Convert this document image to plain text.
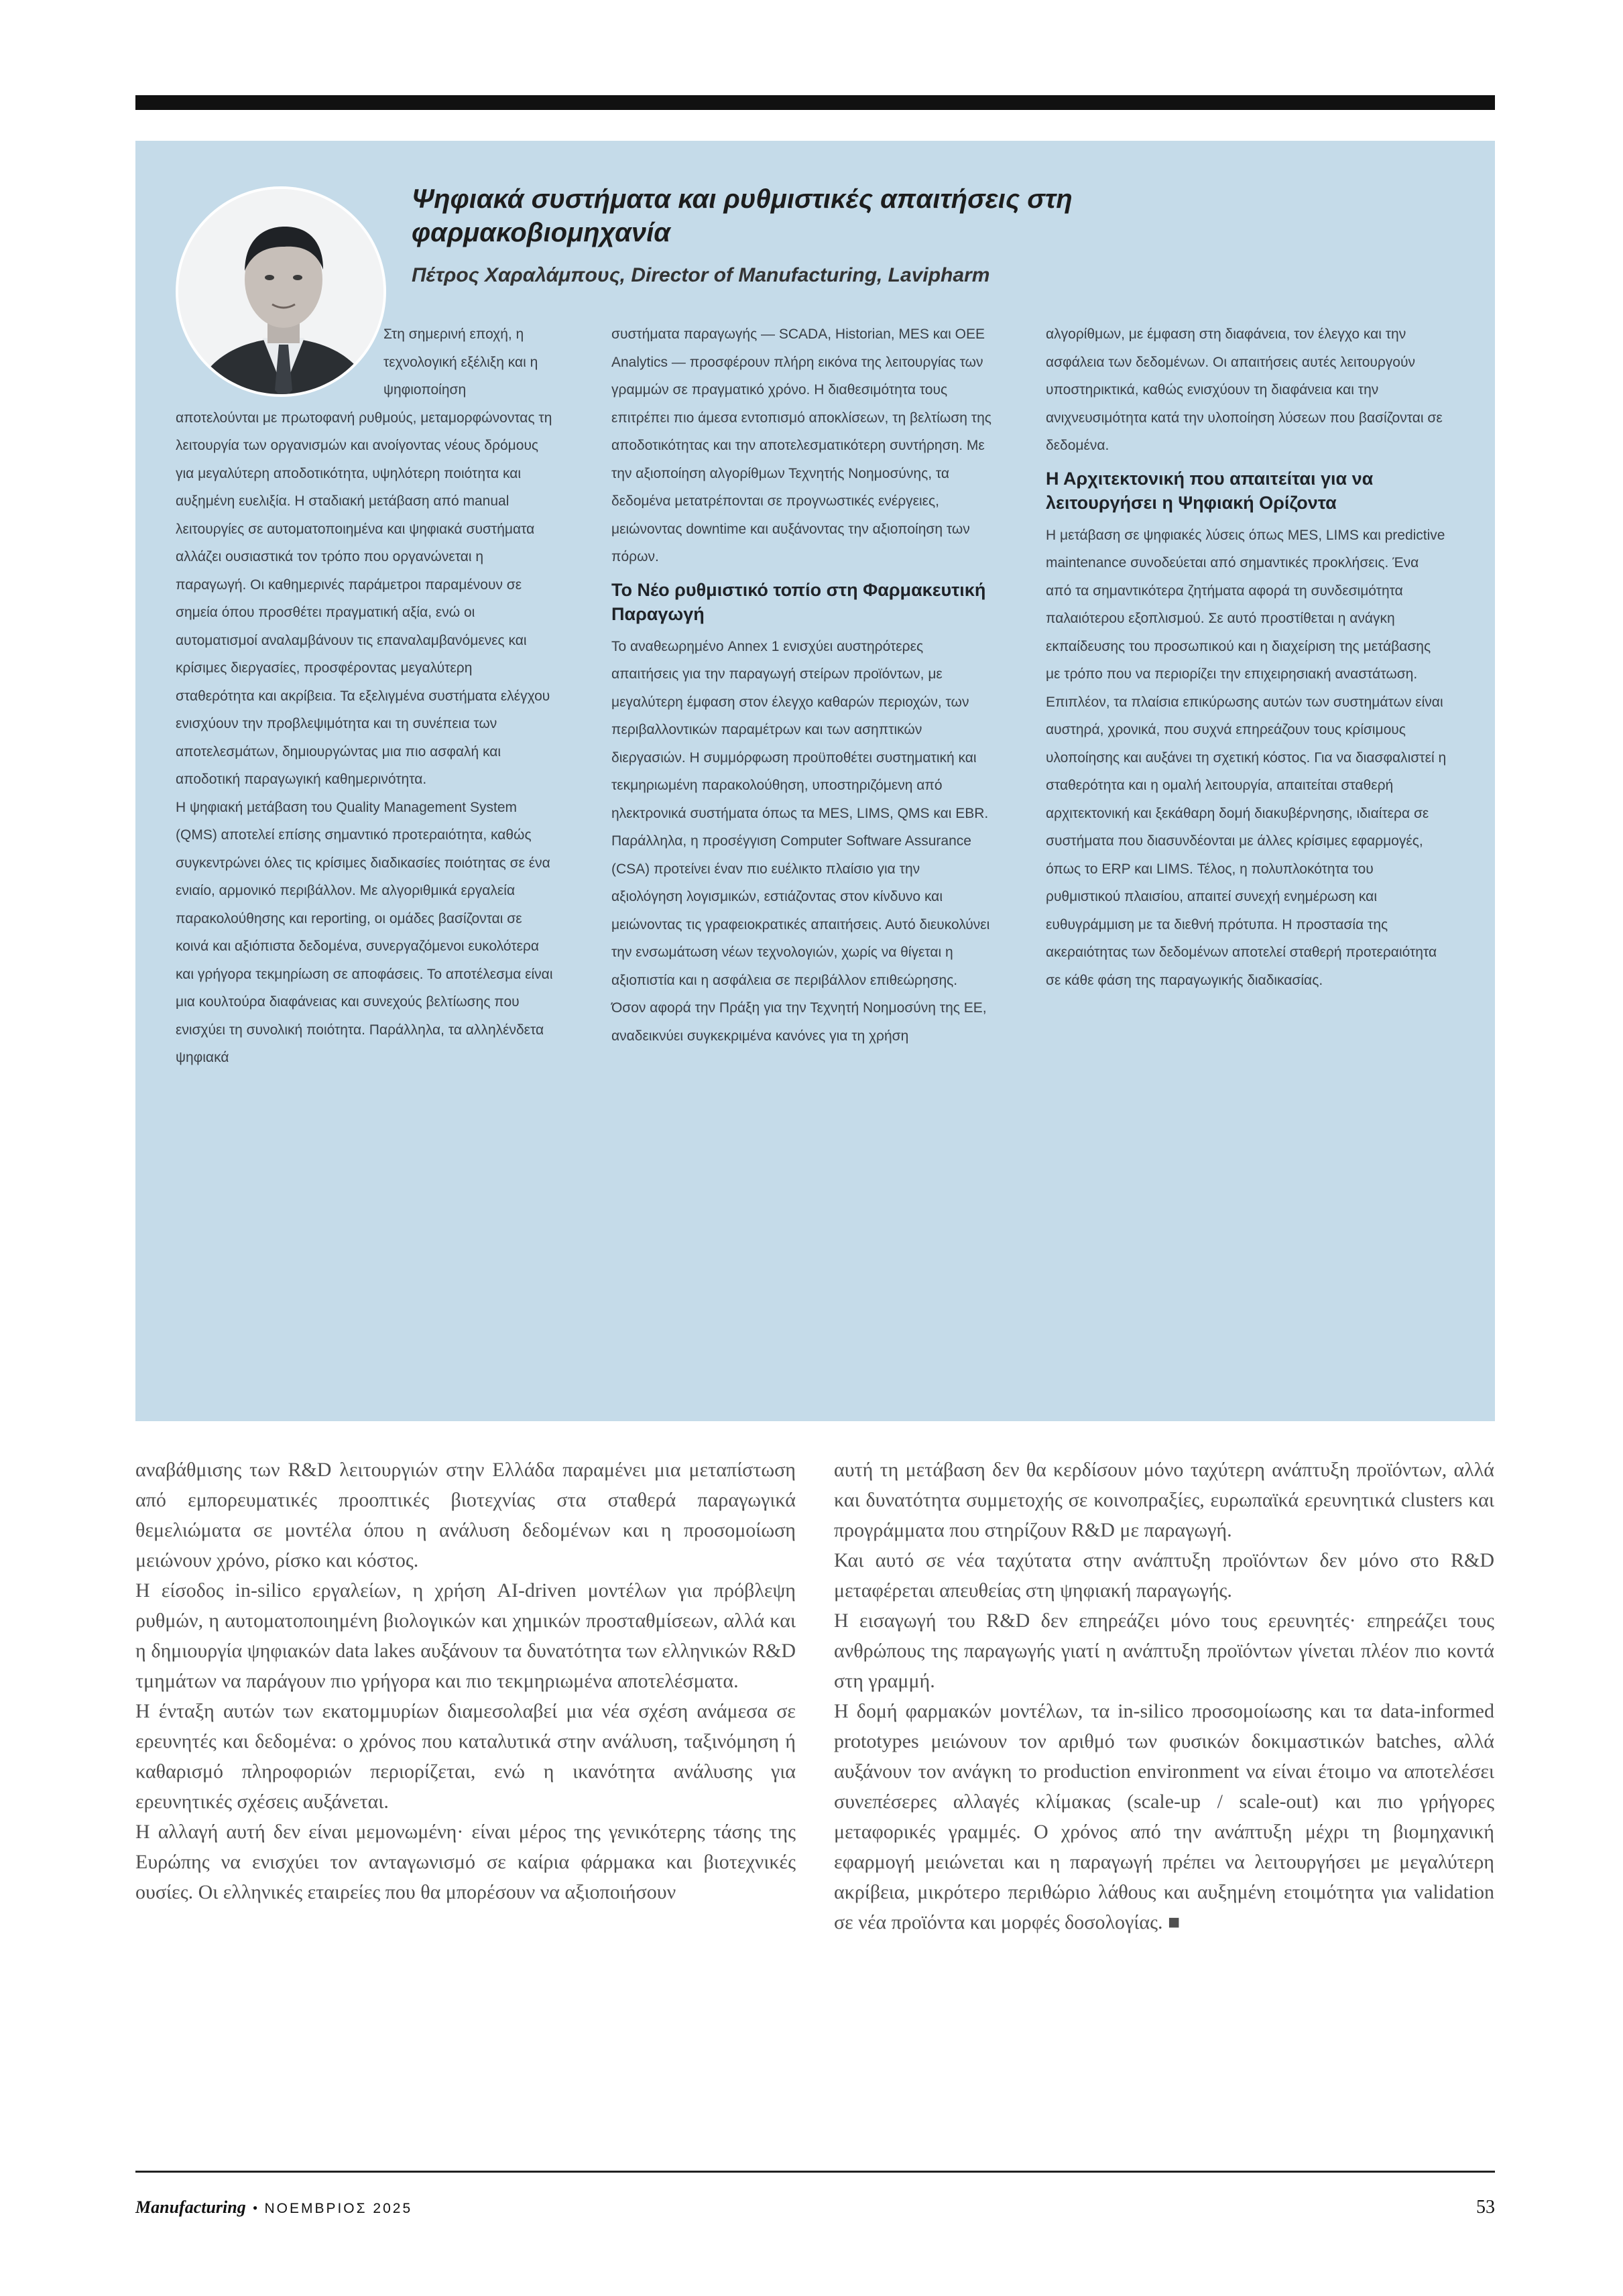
Ψηφιακά συστήματα και ρυθμιστικές απαιτήσεις στη φαρμακοβιομηχανία
Πέτρος Χαραλάμπους, Director of Manufacturing, Lavipharm

Στη σημερινή εποχή, η τεχνολογική εξέλιξη και η ψηφιοποίηση

αποτελούνται με πρωτοφανή ρυθμούς, μεταμορφώνοντας τη λειτουργία των οργανισμών και ανοίγοντας νέους δρόμους για μεγαλύτερη αποδοτικότητα, υψηλότερη ποιότητα και αυξημένη ευελιξία. Η σταδιακή μετάβαση από manual λειτουργίες σε αυτοματοποιημένα και ψηφιακά συστήματα αλλάζει ουσιαστικά τον τρόπο που οργανώνεται η παραγωγή. Οι καθημερινές παράμετροι παραμένουν σε σημεία όπου προσθέτει πραγματική αξία, ενώ οι αυτοματισμοί αναλαμβάνουν τις επαναλαμβανόμενες και κρίσιμες διεργασίες, προσφέροντας μεγαλύτερη σταθερότητα και ακρίβεια. Τα εξελιγμένα συστήματα ελέγχου ενισχύουν την προβλεψιμότητα και τη συνέπεια των αποτελεσμάτων, δημιουργώντας μια πιο ασφαλή και αποδοτική παραγωγική καθημερινότητα.

Η ψηφιακή μετάβαση του Quality Management System (QMS) αποτελεί επίσης σημαντικό προτεραιότητα, καθώς συγκεντρώνει όλες τις κρίσιμες διαδικασίες ποιότητας σε ένα ενιαίο, αρμονικό περιβάλλον. Με αλγοριθμικά εργαλεία παρακολούθησης και reporting, οι ομάδες βασίζονται σε κοινά και αξιόπιστα δεδομένα, συνεργαζόμενοι ευκολότερα και γρήγορα τεκμηρίωση σε αποφάσεις. Το αποτέλεσμα είναι μια κουλτούρα διαφάνειας και συνεχούς βελτίωσης που ενισχύει τη συνολική ποιότητα. Παράλληλα, τα αλληλένδετα ψηφιακά

συστήματα παραγωγής — SCADA, Historian, MES και OEE Analytics — προσφέρουν πλήρη εικόνα της λειτουργίας των γραμμών σε πραγματικό χρόνο. Η διαθεσιμότητα τους επιτρέπει πιο άμεσα εντοπισμό αποκλίσεων, τη βελτίωση της αποδοτικότητας και την αποτελεσματικότερη συντήρηση. Με την αξιοποίηση αλγορίθμων Τεχνητής Νοημοσύνης, τα δεδομένα μετατρέπονται σε προγνωστικές ενέργειες, μειώνοντας downtime και αυξάνοντας την αξιοποίηση των πόρων.

Το Νέο ρυθμιστικό τοπίο στη Φαρμακευτική Παραγωγή

Το αναθεωρημένο Annex 1 ενισχύει αυστηρότερες απαιτήσεις για την παραγωγή στείρων προϊόντων, με μεγαλύτερη έμφαση στον έλεγχο καθαρών περιοχών, των περιβαλλοντικών παραμέτρων και των ασηπτικών διεργασιών. Η συμμόρφωση προϋποθέτει συστηματική και τεκμηριωμένη παρακολούθηση, υποστηριζόμενη από ηλεκτρονικά συστήματα όπως τα MES, LIMS, QMS και EBR. Παράλληλα, η προσέγγιση Computer Software Assurance (CSA) προτείνει έναν πιο ευέλικτο πλαίσιο για την αξιολόγηση λογισμικών, εστιάζοντας στον κίνδυνο και μειώνοντας τις γραφειοκρατικές απαιτήσεις. Αυτό διευκολύνει την ενσωμάτωση νέων τεχνολογιών, χωρίς να θίγεται η αξιοπιστία και η ασφάλεια σε περιβάλλον επιθεώρησης. Όσον αφορά την Πράξη για την Τεχνητή Νοημοσύνη της ΕΕ, αναδεικνύει συγκεκριμένα κανόνες για τη χρήση

αλγορίθμων, με έμφαση στη διαφάνεια, τον έλεγχο και την ασφάλεια των δεδομένων. Οι απαιτήσεις αυτές λειτουργούν υποστηρικτικά, καθώς ενισχύουν τη διαφάνεια και την ανιχνευσιμότητα κατά την υλοποίηση λύσεων που βασίζονται σε δεδομένα.

Η Αρχιτεκτονική που απαιτείται για να λειτουργήσει η Ψηφιακή Ορίζοντα

Η μετάβαση σε ψηφιακές λύσεις όπως MES, LIMS και predictive maintenance συνοδεύεται από σημαντικές προκλήσεις. Ένα από τα σημαντικότερα ζητήματα αφορά τη συνδεσιμότητα παλαιότερου εξοπλισμού. Σε αυτό προστίθεται η ανάγκη εκπαίδευσης του προσωπικού και η διαχείριση της μετάβασης με τρόπο που να περιορίζει την επιχειρησιακή αναστάτωση. Επιπλέον, τα πλαίσια επικύρωσης αυτών των συστημάτων είναι αυστηρά, χρονικά, που συχνά επηρεάζουν τους κρίσιμους υλοποίησης και αυξάνει τη σχετική κόστος. Για να διασφαλιστεί η σταθερότητα και η ομαλή λειτουργία, απαιτείται σταθερή αρχιτεκτονική και ξεκάθαρη δομή διακυβέρνησης, ιδιαίτερα σε συστήματα που διασυνδέονται με άλλες κρίσιμες εφαρμογές, όπως το ERP και LIMS. Τέλος, η πολυπλοκότητα του ρυθμιστικού πλαισίου, απαιτεί συνεχή ενημέρωση και ευθυγράμμιση με τα διεθνή πρότυπα. Η προστασία της ακεραιότητας των δεδομένων αποτελεί σταθερή προτεραιότητα σε κάθε φάση της παραγωγικής διαδικασίας.

αναβάθμισης των R&D λειτουργιών στην Ελλάδα παραμένει μια μεταπίστωση από εμπορευματικές προοπτικές βιοτεχνίας στα σταθερά παραγωγικά θεμελιώματα σε μοντέλα όπου η ανάλυση δεδομένων και η προσομοίωση μειώνουν χρόνο, ρίσκο και κόστος.

Η είσοδος in-silico εργαλείων, η χρήση AI-driven μοντέλων για πρόβλεψη ρυθμών, η αυτοματοποιημένη βιολογικών και χημικών προσταθμίσεων, αλλά και η δημιουργία ψηφιακών data lakes αυξάνουν τα δυνατότητα των ελληνικών R&D τμημάτων να παράγουν πιο γρήγορα και πιο τεκμηριωμένα αποτελέσματα.

Η ένταξη αυτών των εκατομμυρίων διαμεσολαβεί μια νέα σχέση ανάμεσα σε ερευνητές και δεδομένα: ο χρόνος που καταλυτικά στην ανάλυση, ταξινόμηση ή καθαρισμό πληροφοριών περιορίζεται, ενώ η ικανότητα ανάλυσης για ερευνητικές σχέσεις αυξάνεται.

Η αλλαγή αυτή δεν είναι μεμονωμένη· είναι μέρος της γενικότερης τάσης της Ευρώπης να ενισχύει τον ανταγωνισμό σε καίρια φάρμακα και βιοτεχνικές ουσίες. Οι ελληνικές εταιρείες που θα μπορέσουν να αξιοποιήσουν

αυτή τη μετάβαση δεν θα κερδίσουν μόνο ταχύτερη ανάπτυξη προϊόντων, αλλά και δυνατότητα συμμετοχής σε κοινοπραξίες, ευρωπαϊκά ερευνητικά clusters και προγράμματα που στηρίζουν R&D με παραγωγή.

Και αυτό σε νέα ταχύτατα στην ανάπτυξη προϊόντων δεν μόνο στο R&D μεταφέρεται απευθείας στη ψηφιακή παραγωγής.

Η εισαγωγή του R&D δεν επηρεάζει μόνο τους ερευνητές· επηρεάζει τους ανθρώπους της παραγωγής γιατί η ανάπτυξη προϊόντων γίνεται πλέον πιο κοντά στη γραμμή.

Η δομή φαρμακών μοντέλων, τα in-silico προσομοίωσης και τα data-informed prototypes μειώνουν τον αριθμό των φυσικών δοκιμαστικών batches, αλλά αυξάνουν τον ανάγκη το production environment να είναι έτοιμο να αποτελέσει συνεπέσερες αλλαγές κλίμακας (scale-up / scale-out) και πιο γρήγορες μεταφορικές γραμμές. Ο χρόνος από την ανάπτυξη μέχρι τη βιομηχανική εφαρμογή μειώνεται και η παραγωγή πρέπει να λειτουργήσει με μεγαλύτερη ακρίβεια, μικρότερο περιθώριο λάθους και αυξημένη ετοιμότητα για validation σε νέα προϊόντα και μορφές δοσολογίας. ■

Manufacturing • ΝΟΕΜΒΡΙΟΣ 2025	53
